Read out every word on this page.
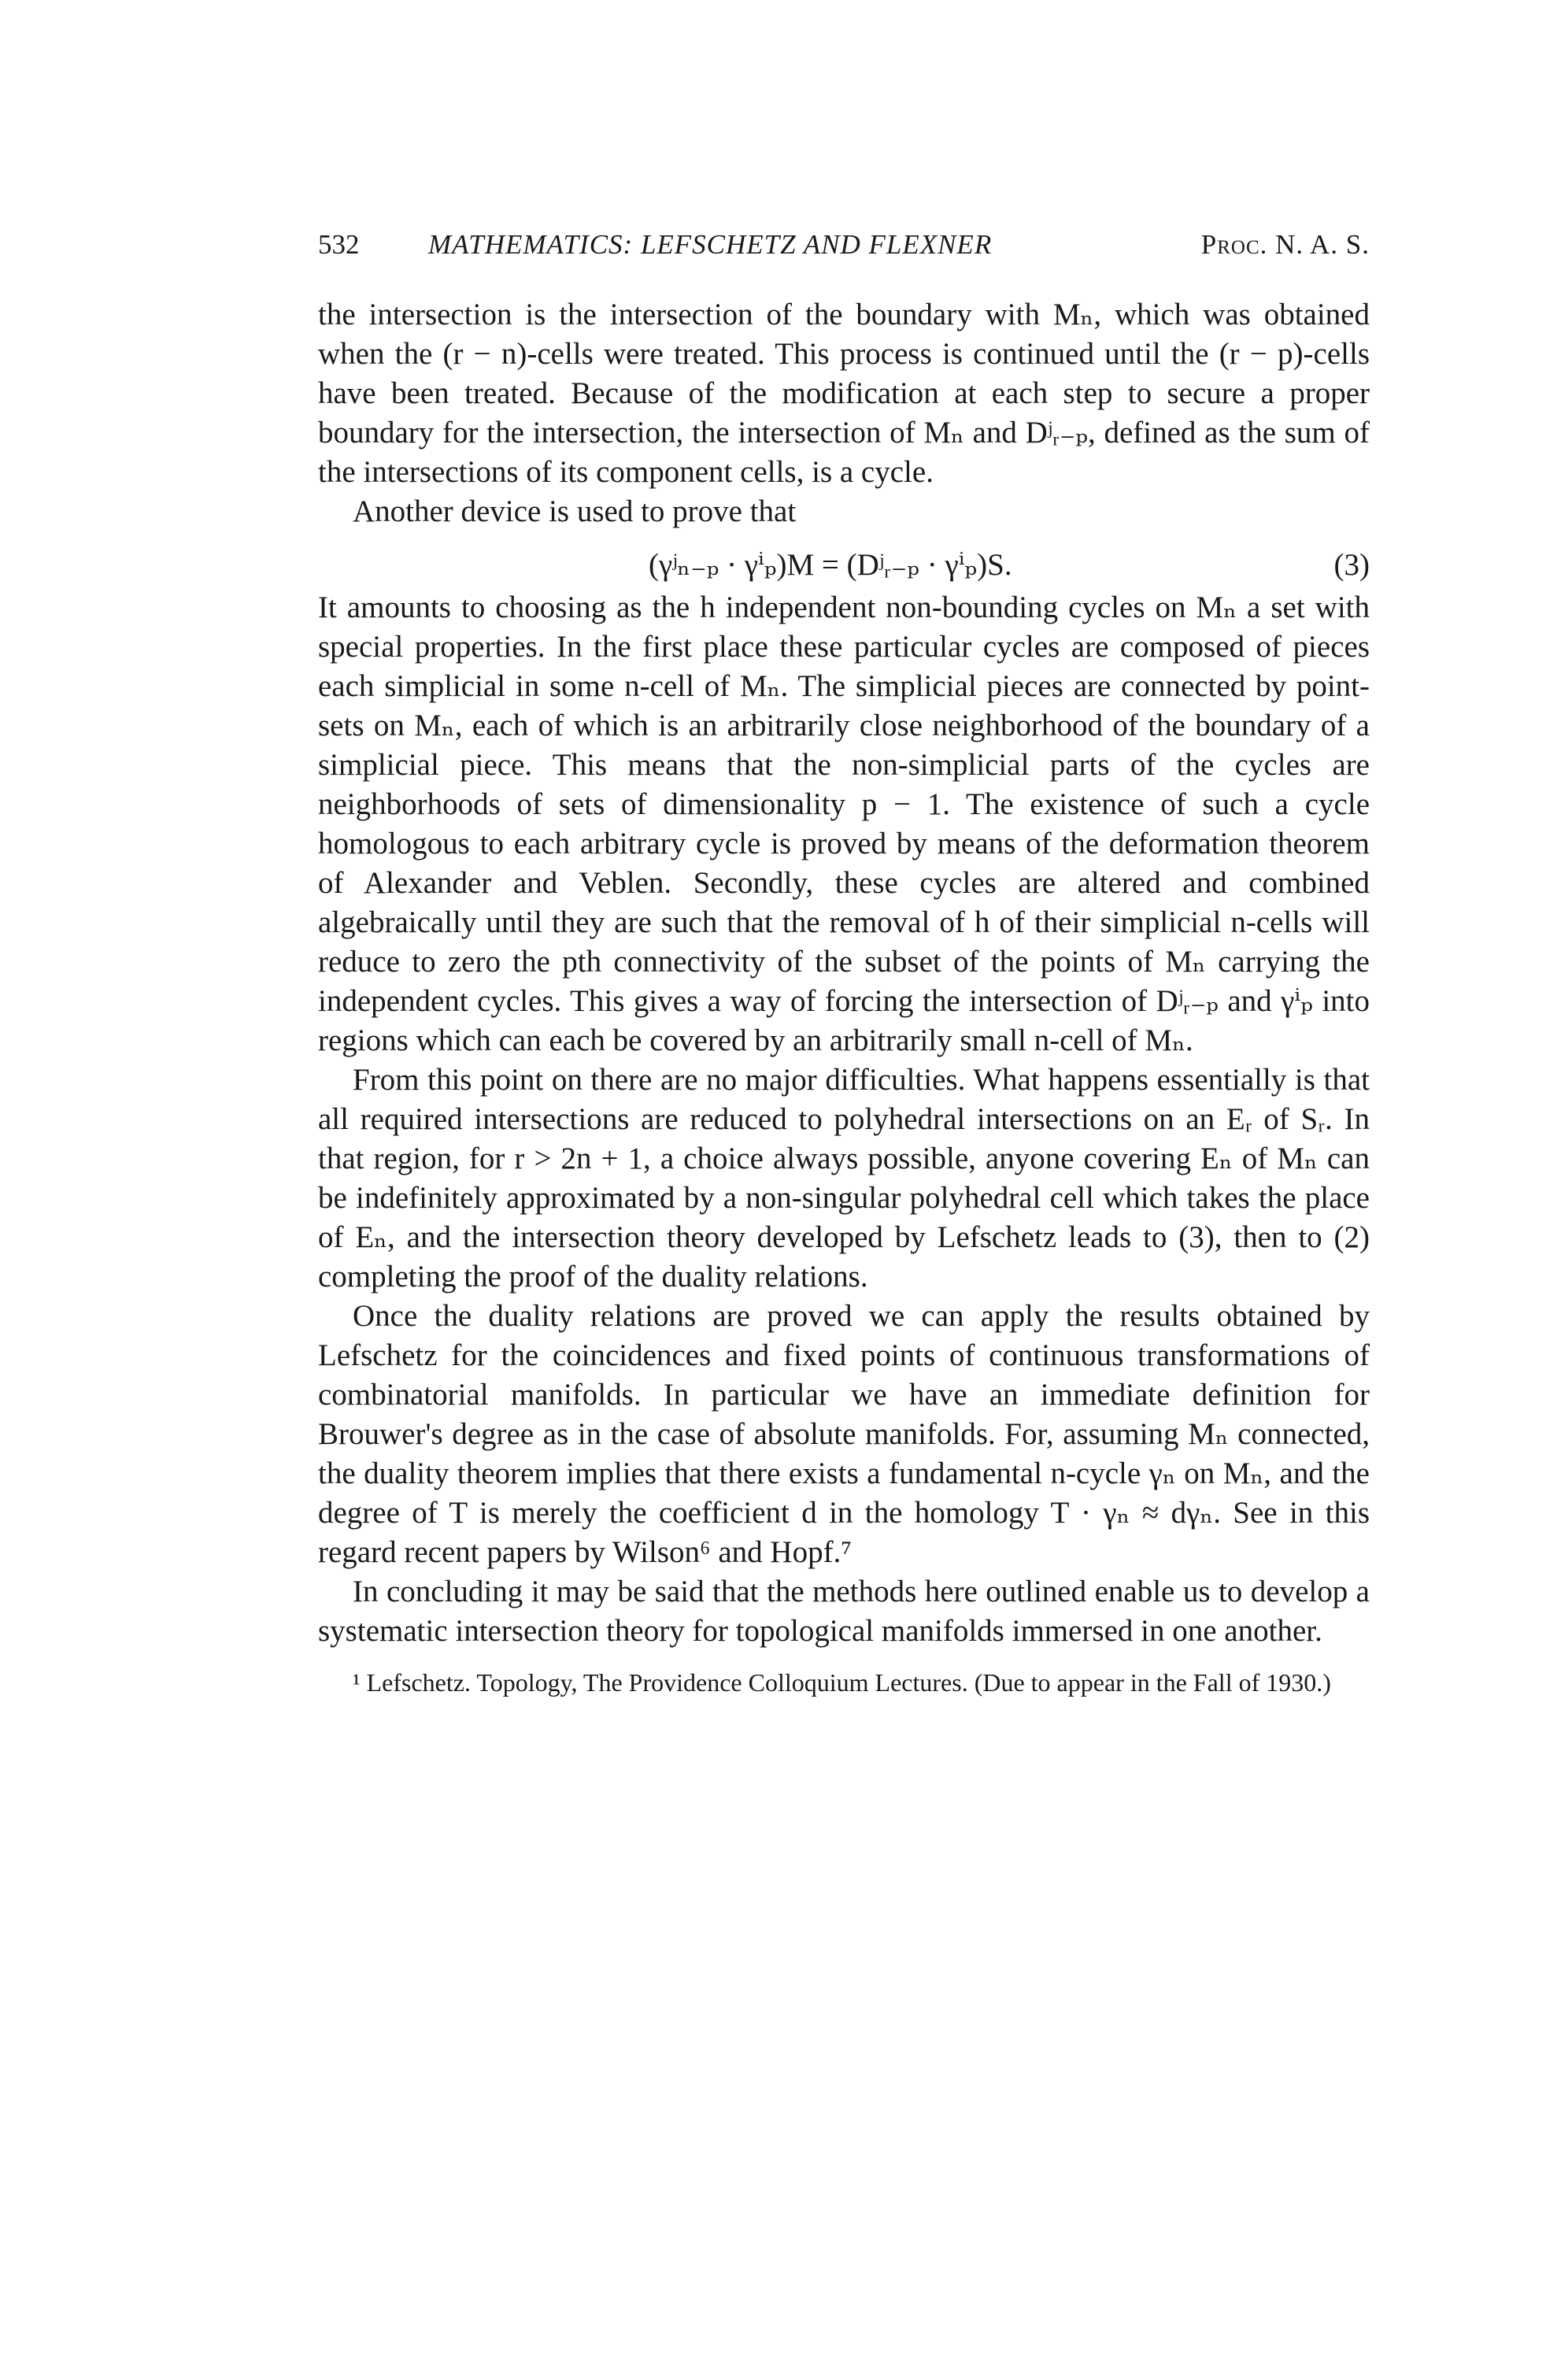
532	MATHEMATICS: LEFSCHETZ AND FLEXNER	Proc. N. A. S.

the intersection is the intersection of the boundary with Mₙ, which was obtained when the (r − n)-cells were treated. This process is continued until the (r − p)-cells have been treated. Because of the modification at each step to secure a proper boundary for the intersection, the intersection of Mₙ and Dʲᵣ₋ₚ, defined as the sum of the intersections of its component cells, is a cycle.

Another device is used to prove that

(γʲₙ₋ₚ · γⁱₚ)M = (Dʲᵣ₋ₚ · γⁱₚ)S.	(3)

It amounts to choosing as the h independent non-bounding cycles on Mₙ a set with special properties. In the first place these particular cycles are composed of pieces each simplicial in some n-cell of Mₙ. The simplicial pieces are connected by point-sets on Mₙ, each of which is an arbitrarily close neighborhood of the boundary of a simplicial piece. This means that the non-simplicial parts of the cycles are neighborhoods of sets of dimensionality p − 1. The existence of such a cycle homologous to each arbitrary cycle is proved by means of the deformation theorem of Alexander and Veblen. Secondly, these cycles are altered and combined algebraically until they are such that the removal of h of their simplicial n-cells will reduce to zero the pth connectivity of the subset of the points of Mₙ carrying the independent cycles. This gives a way of forcing the intersection of Dʲᵣ₋ₚ and γⁱₚ into regions which can each be covered by an arbitrarily small n-cell of Mₙ.

From this point on there are no major difficulties. What happens essentially is that all required intersections are reduced to polyhedral intersections on an Eᵣ of Sᵣ. In that region, for r > 2n + 1, a choice always possible, anyone covering Eₙ of Mₙ can be indefinitely approximated by a non-singular polyhedral cell which takes the place of Eₙ, and the intersection theory developed by Lefschetz leads to (3), then to (2) completing the proof of the duality relations.

Once the duality relations are proved we can apply the results obtained by Lefschetz for the coincidences and fixed points of continuous transformations of combinatorial manifolds. In particular we have an immediate definition for Brouwer's degree as in the case of absolute manifolds. For, assuming Mₙ connected, the duality theorem implies that there exists a fundamental n-cycle γₙ on Mₙ, and the degree of T is merely the coefficient d in the homology T · γₙ ≈ dγₙ. See in this regard recent papers by Wilson⁶ and Hopf.⁷

In concluding it may be said that the methods here outlined enable us to develop a systematic intersection theory for topological manifolds immersed in one another.

¹ Lefschetz. Topology, The Providence Colloquium Lectures. (Due to appear in the Fall of 1930.)
